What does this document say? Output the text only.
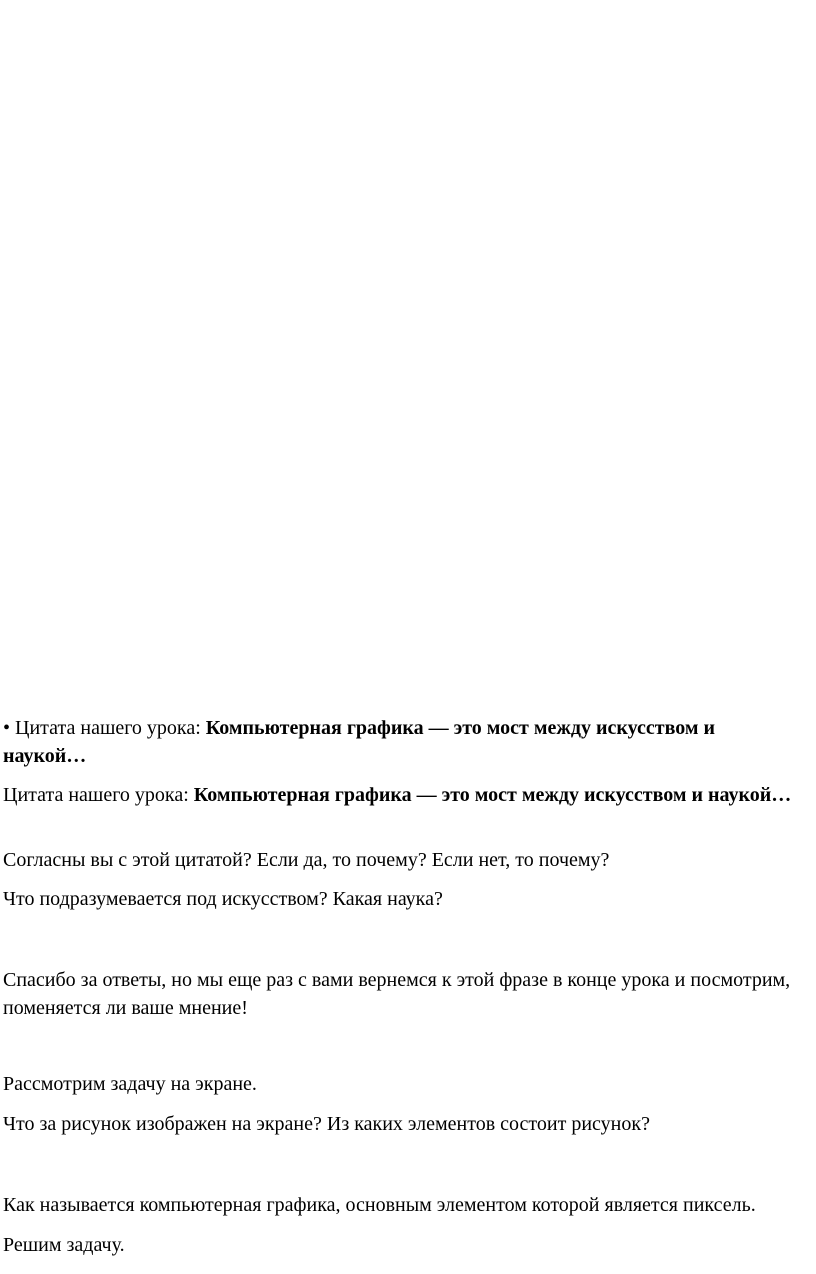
• Цитата нашего урока: Компьютерная графика — это мост между искусством и наукой…

Цитата нашего урока: Компьютерная графика — это мост между искусством и наукой…

Согласны вы с этой цитатой? Если да, то почему? Если нет, то почему?

Что подразумевается под искусством? Какая наука?

Спасибо за ответы, но мы еще раз с вами вернемся к этой фразе в конце урока и посмотрим, поменяется ли ваше мнение!

Рассмотрим задачу на экране.

Что за рисунок изображен на экране? Из каких элементов состоит рисунок?

Как называется компьютерная графика, основным элементом которой является пиксель.

Решим задачу.
